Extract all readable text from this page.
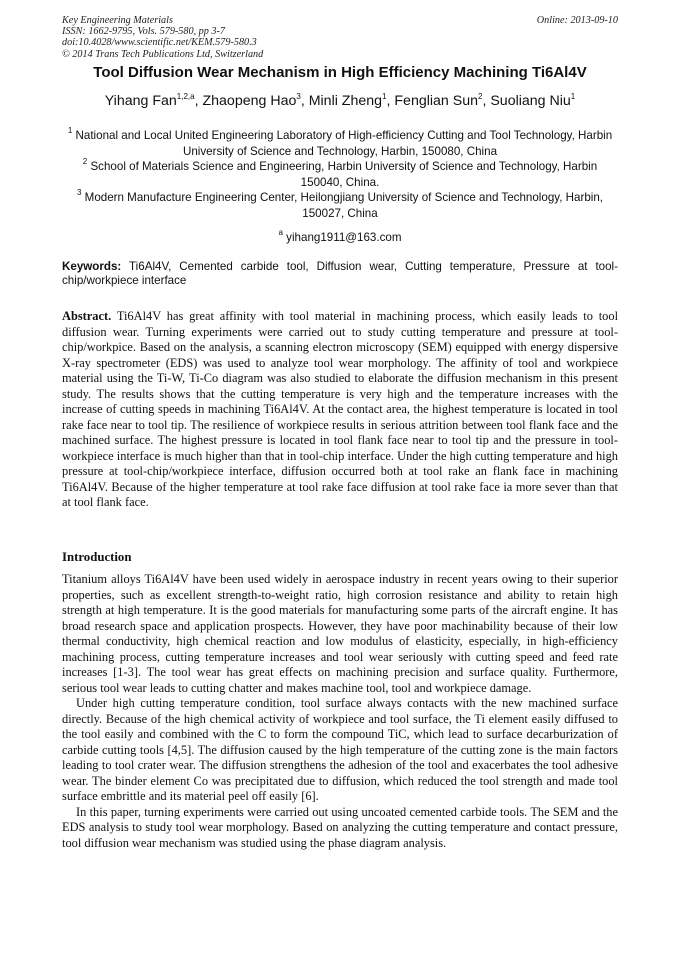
Key Engineering Materials
ISSN: 1662-9795, Vols. 579-580, pp 3-7
doi:10.4028/www.scientific.net/KEM.579-580.3
© 2014 Trans Tech Publications Ltd, Switzerland
Online: 2013-09-10
Tool Diffusion Wear Mechanism in High Efficiency Machining Ti6Al4V
Yihang Fan$^{1,2,a}$, Zhaopeng Hao$^3$, Minli Zheng$^1$, Fenglian Sun$^2$, Suoliang Niu$^1$

$^1$ National and Local United Engineering Laboratory of High-efficiency Cutting and Tool Technology, Harbin University of Science and Technology, Harbin, 150080, China

$^2$ School of Materials Science and Engineering, Harbin University of Science and Technology, Harbin 150040, China.

$^3$ Modern Manufacture Engineering Center, Heilongjiang University of Science and Technology, Harbin, 150027, China

$^a$ yihang1911@163.com

Keywords: Ti6Al4V, Cemented carbide tool, Diffusion wear, Cutting temperature, Pressure at tool-chip/workpiece interface
Abstract. Ti6Al4V has great affinity with tool material in machining process, which easily leads to tool diffusion wear. Turning experiments were carried out to study cutting temperature and pressure at tool-chip/workpice. Based on the analysis, a scanning electron microscopy (SEM) equipped with energy dispersive X-ray spectrometer (EDS) was used to analyze tool wear morphology. The affinity of tool and workpiece material using the Ti-W, Ti-Co diagram was also studied to elaborate the diffusion mechanism in this present study. The results shows that the cutting temperature is very high and the temperature increases with the increase of cutting speeds in machining Ti6Al4V. At the contact area, the highest temperature is located in tool rake face near to tool tip. The resilience of workpiece results in serious attrition between tool flank face and the machined surface. The highest pressure is located in tool flank face near to tool tip and the pressure in tool-workpiece interface is much higher than that in tool-chip interface. Under the high cutting temperature and high pressure at tool-chip/workpiece interface, diffusion occurred both at tool rake an flank face in machining Ti6Al4V. Because of the higher temperature at tool rake face diffusion at tool rake face ia more sever than that at tool flank face.
Introduction

Titanium alloys Ti6Al4V have been used widely in aerospace industry in recent years owing to their superior properties, such as excellent strength-to-weight ratio, high corrosion resistance and ability to retain high strength at high temperature. It is the good materials for manufacturing some parts of the aircraft engine. It has broad research space and application prospects. However, they have poor machinability because of their low thermal conductivity, high chemical reaction and low modulus of elasticity, especially, in high-efficiency machining process, cutting temperature increases and tool wear seriously with cutting speed and feed rate increases [1-3]. The tool wear has great effects on machining precision and surface quality. Furthermore, serious tool wear leads to cutting chatter and makes machine tool, tool and workpiece damage.

Under high cutting temperature condition, tool surface always contacts with the new machined surface directly. Because of the high chemical activity of workpiece and tool surface, the Ti element easily diffused to the tool easily and combined with the C to form the compound TiC, which lead to surface decarburization of carbide cutting tools [4,5]. The diffusion caused by the high temperature of the cutting zone is the main factors leading to tool crater wear. The diffusion strengthens the adhesion of the tool and exacerbates the tool adhesive wear. The binder element Co was precipitated due to diffusion, which reduced the tool strength and made tool surface embrittle and its material peel off easily [6].

In this paper, turning experiments were carried out using uncoated cemented carbide tools. The SEM and the EDS analysis to study tool wear morphology. Based on analyzing the cutting temperature and contact pressure, tool diffusion wear mechanism was studied using the phase diagram analysis.
